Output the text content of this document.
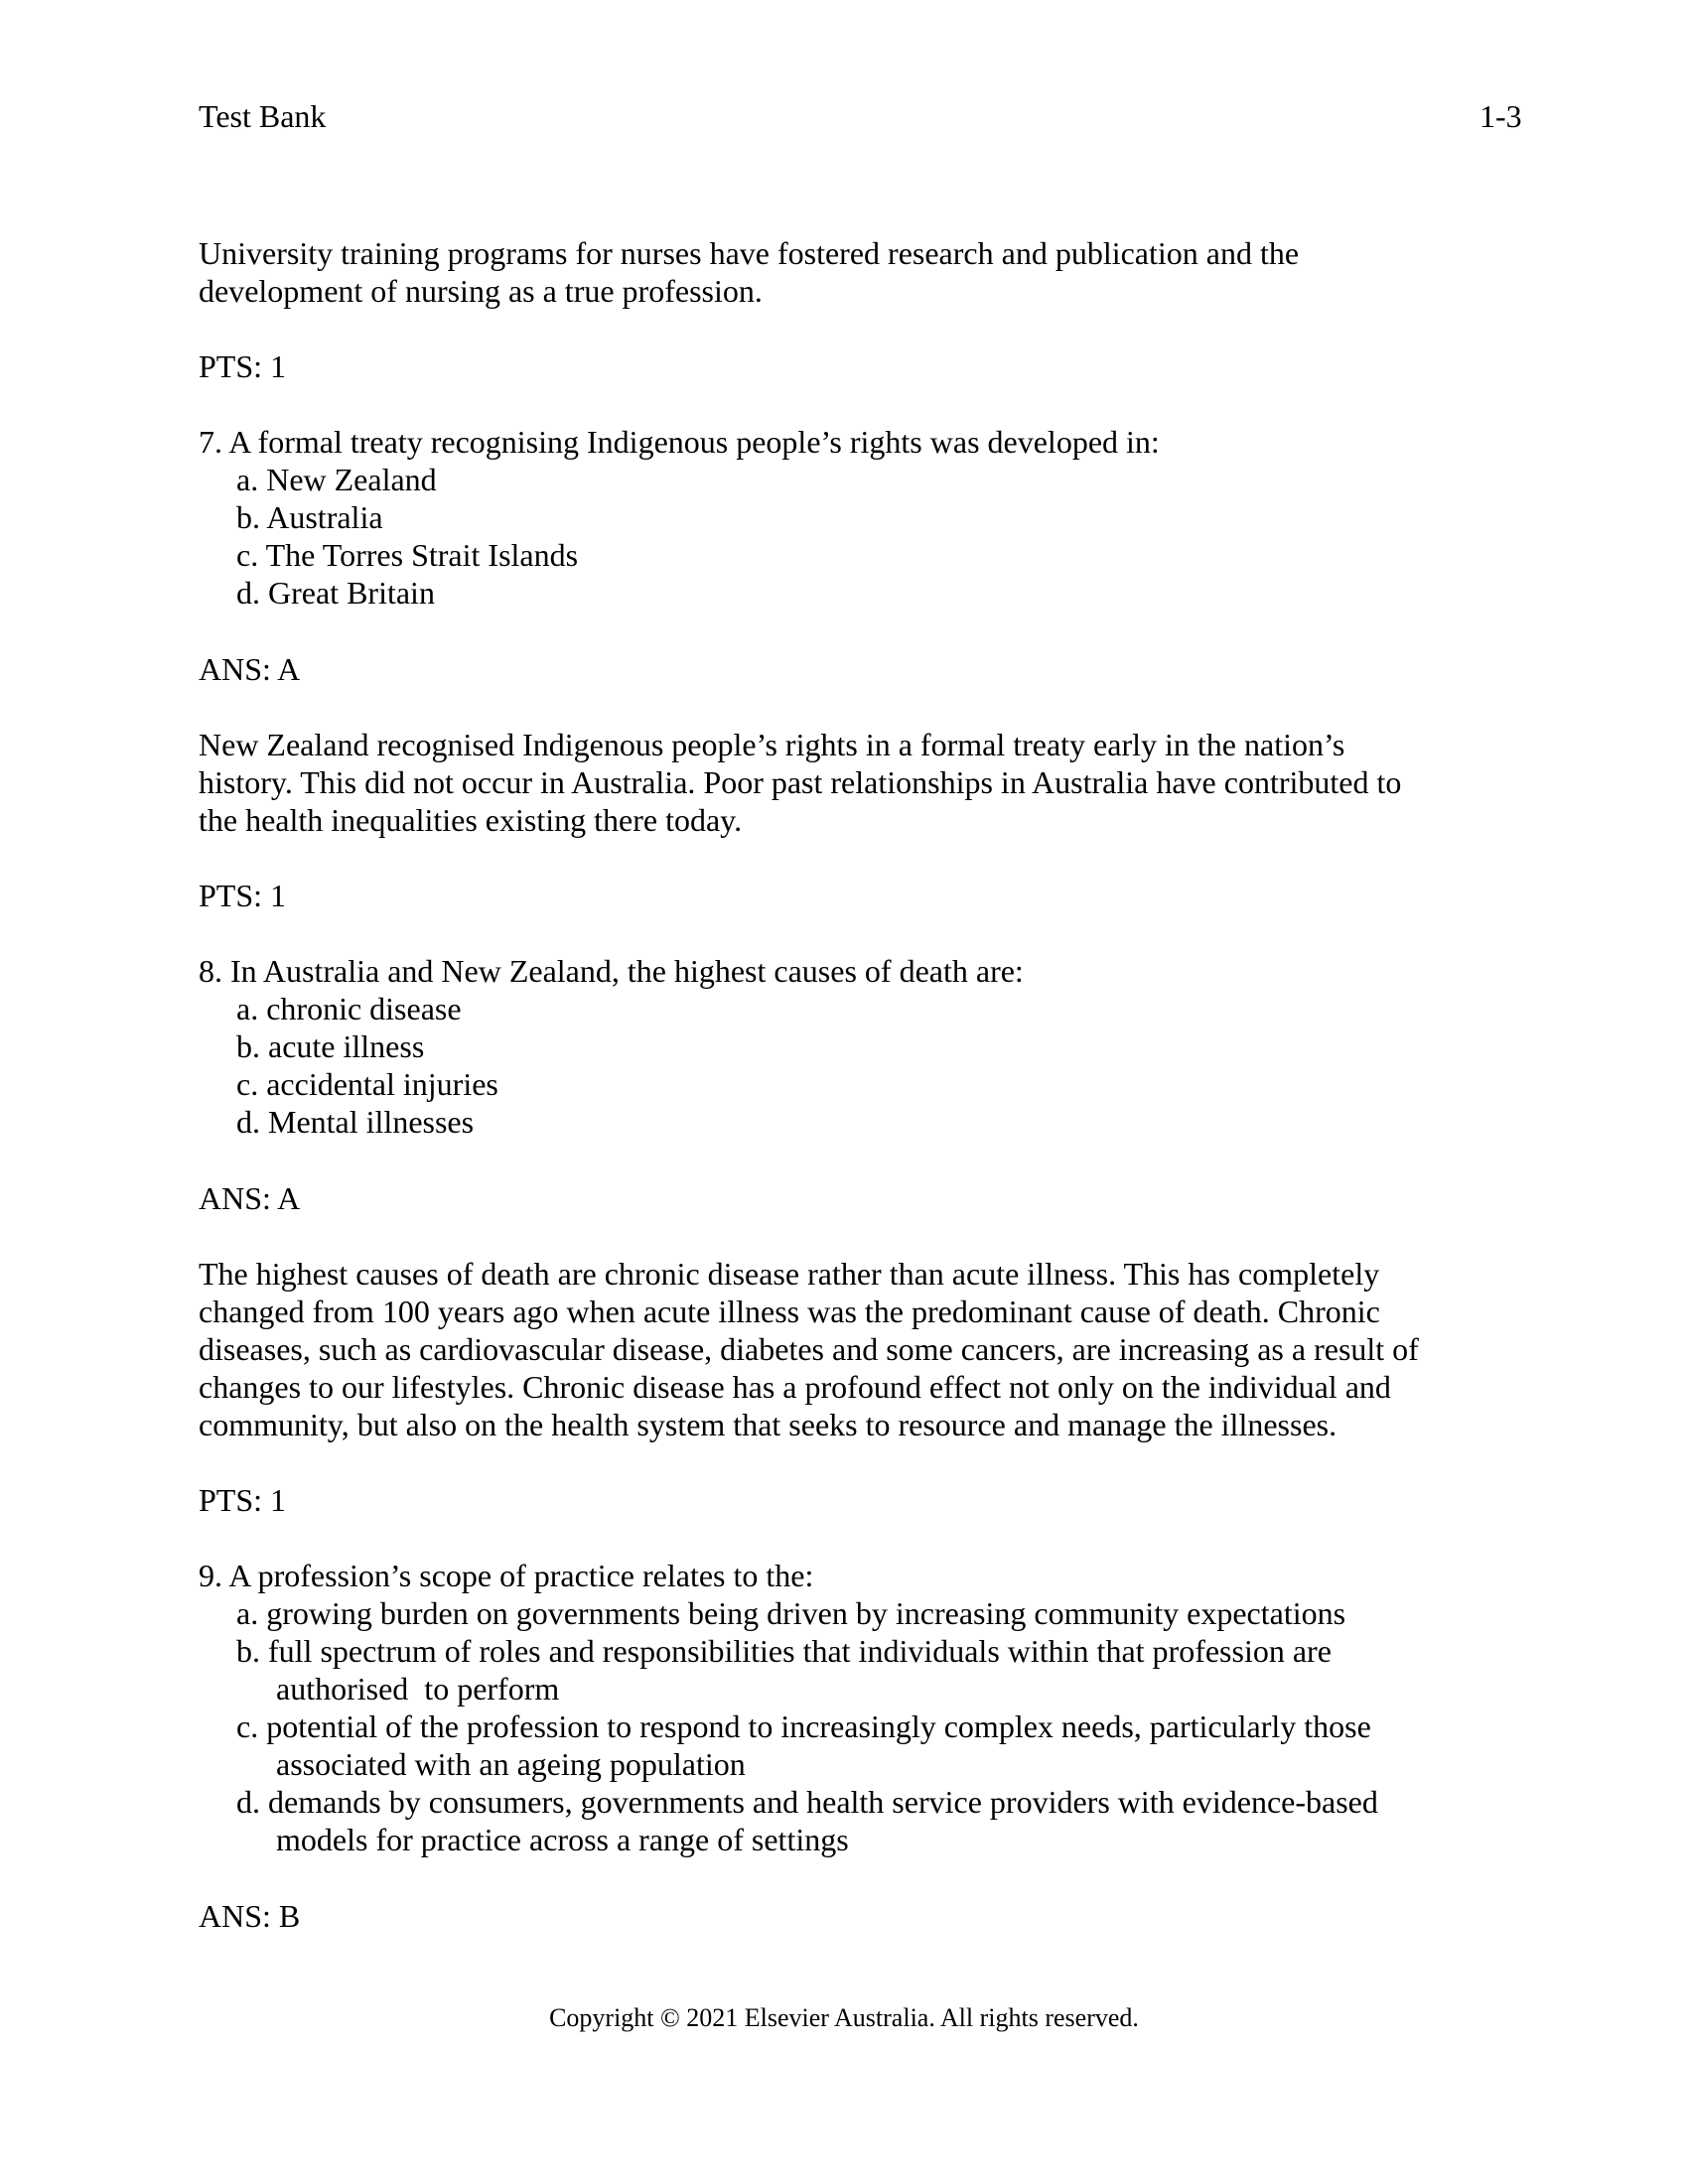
Test Bank	1-3
University training programs for nurses have fostered research and publication and the
development of nursing as a true profession.
PTS: 1
7. A formal treaty recognising Indigenous people’s rights was developed in:
a. New Zealand
b. Australia
c. The Torres Strait Islands
d. Great Britain
ANS: A
New Zealand recognised Indigenous people’s rights in a formal treaty early in the nation’s
history. This did not occur in Australia. Poor past relationships in Australia have contributed to
the health inequalities existing there today.
PTS: 1
8. In Australia and New Zealand, the highest causes of death are:
a. chronic disease
b. acute illness
c. accidental injuries
d. Mental illnesses
ANS: A
The highest causes of death are chronic disease rather than acute illness. This has completely
changed from 100 years ago when acute illness was the predominant cause of death. Chronic
diseases, such as cardiovascular disease, diabetes and some cancers, are increasing as a result of
changes to our lifestyles. Chronic disease has a profound effect not only on the individual and
community, but also on the health system that seeks to resource and manage the illnesses.
PTS: 1
9. A profession’s scope of practice relates to the:
a. growing burden on governments being driven by increasing community expectations
b. full spectrum of roles and responsibilities that individuals within that profession are
authorised  to perform
c. potential of the profession to respond to increasingly complex needs, particularly those
associated with an ageing population
d. demands by consumers, governments and health service providers with evidence-based
models for practice across a range of settings
ANS: B
Copyright © 2021 Elsevier Australia. All rights reserved.
